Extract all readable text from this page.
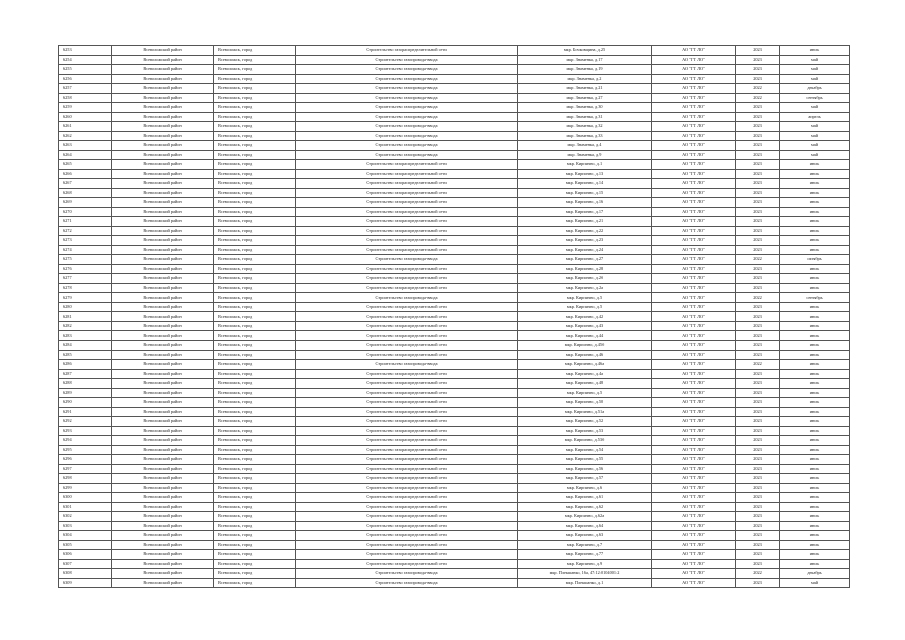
6253	Всеволожский район	Всеволожск, город	Строительство газораспределительной сети	мкр. Бочковщина, д.25	АО "ГТ ЛО"	2023	июль
6254	Всеволожский район	Всеволожск, город	Строительство газопровода-ввода	мкр. Знаменка, д.17	АО "ГТ ЛО"	2023	май
6255	Всеволожский район	Всеволожск, город	Строительство газопровода-ввода	мкр. Знаменка, д.19	АО "ГТ ЛО"	2023	май
6256	Всеволожский район	Всеволожск, город	Строительство газопровода-ввода	мкр. Знаменка, д.2	АО "ГТ ЛО"	2023	май
6257	Всеволожский район	Всеволожск, город	Строительство газопровода-ввода	мкр. Знаменка, д.21	АО "ГТ ЛО"	2022	декабрь
6258	Всеволожский район	Всеволожск, город	Строительство газопровода-ввода	мкр. Знаменка, д.27	АО "ГТ ЛО"	2022	сентябрь
6259	Всеволожский район	Всеволожск, город	Строительство газопровода-ввода	мкр. Знаменка, д.30	АО "ГТ ЛО"	2023	май
6260	Всеволожский район	Всеволожск, город	Строительство газопровода-ввода	мкр. Знаменка, д.31	АО "ГТ ЛО"	2023	апрель
6261	Всеволожский район	Всеволожск, город	Строительство газопровода-ввода	мкр. Знаменка, д.32	АО "ГТ ЛО"	2023	май
6262	Всеволожский район	Всеволожск, город	Строительство газопровода-ввода	мкр. Знаменка, д.33	АО "ГТ ЛО"	2023	май
6263	Всеволожский район	Всеволожск, город	Строительство газопровода-ввода	мкр. Знаменка, д.4	АО "ГТ ЛО"	2023	май
6264	Всеволожский район	Всеволожск, город	Строительство газопровода-ввода	мкр. Знаменка, д.9	АО "ГТ ЛО"	2023	май
6265	Всеволожский район	Всеволожск, город	Строительство газораспределительной сети	мкр. Кирпично, д.1	АО "ГТ ЛО"	2023	июль
6266	Всеволожский район	Всеволожск, город	Строительство газораспределительной сети	мкр. Кирпично, д.13	АО "ГТ ЛО"	2023	июль
6267	Всеволожский район	Всеволожск, город	Строительство газораспределительной сети	мкр. Кирпично, д.14	АО "ГТ ЛО"	2023	июль
6268	Всеволожский район	Всеволожск, город	Строительство газораспределительной сети	мкр. Кирпично, д.15	АО "ГТ ЛО"	2023	июль
6269	Всеволожский район	Всеволожск, город	Строительство газораспределительной сети	мкр. Кирпично, д.16	АО "ГТ ЛО"	2023	июль
6270	Всеволожский район	Всеволожск, город	Строительство газораспределительной сети	мкр. Кирпично, д.17	АО "ГТ ЛО"	2023	июль
6271	Всеволожский район	Всеволожск, город	Строительство газораспределительной сети	мкр. Кирпично, д.21	АО "ГТ ЛО"	2023	июль
6272	Всеволожский район	Всеволожск, город	Строительство газораспределительной сети	мкр. Кирпично, д.22	АО "ГТ ЛО"	2023	июль
6273	Всеволожский район	Всеволожск, город	Строительство газораспределительной сети	мкр. Кирпично, д.23	АО "ГТ ЛО"	2023	июль
6274	Всеволожский район	Всеволожск, город	Строительство газораспределительной сети	мкр. Кирпично, д.24	АО "ГТ ЛО"	2023	июль
6275	Всеволожский район	Всеволожск, город	Строительство газопровода-ввода	мкр. Кирпично, д.27	АО "ГТ ЛО"	2022	октябрь
6276	Всеволожский район	Всеволожск, город	Строительство газораспределительной сети	мкр. Кирпично, д.28	АО "ГТ ЛО"	2023	июль
6277	Всеволожский район	Всеволожск, город	Строительство газораспределительной сети	мкр. Кирпично, д.2б	АО "ГТ ЛО"	2023	июль
6278	Всеволожский район	Всеволожск, город	Строительство газораспределительной сети	мкр. Кирпично, д.2а	АО "ГТ ЛО"	2023	июль
6279	Всеволожский район	Всеволожск, город	Строительство газопровода-ввода	мкр. Кирпично, д.5	АО "ГТ ЛО"	2022	сентябрь
6280	Всеволожский район	Всеволожск, город	Строительство газораспределительной сети	мкр. Кирпично, д.5	АО "ГТ ЛО"	2023	июль
6281	Всеволожский район	Всеволожск, город	Строительство газораспределительной сети	мкр. Кирпично, д.42	АО "ГТ ЛО"	2023	июль
6282	Всеволожский район	Всеволожск, город	Строительство газораспределительной сети	мкр. Кирпично, д.43	АО "ГТ ЛО"	2023	июль
6283	Всеволожский район	Всеволожск, город	Строительство газораспределительной сети	мкр. Кирпично, д.44	АО "ГТ ЛО"	2023	июль
6284	Всеволожский район	Всеволожск, город	Строительство газораспределительной сети	мкр. Кирпично, д.45б	АО "ГТ ЛО"	2023	июль
6285	Всеволожский район	Всеволожск, город	Строительство газораспределительной сети	мкр. Кирпично, д.46	АО "ГТ ЛО"	2023	июль
6286	Всеволожский район	Всеволожск, город	Строительство газопровода-ввода	мкр. Кирпично, д.46а	АО "ГТ ЛО"	2022	июль
6287	Всеволожский район	Всеволожск, город	Строительство газораспределительной сети	мкр. Кирпично, д.4а	АО "ГТ ЛО"	2023	июль
6288	Всеволожский район	Всеволожск, город	Строительство газораспределительной сети	мкр. Кирпично, д.48	АО "ГТ ЛО"	2023	июль
6289	Всеволожский район	Всеволожск, город	Строительство газораспределительной сети	мкр. Кирпично, д.5	АО "ГТ ЛО"	2023	июль
6290	Всеволожский район	Всеволожск, город	Строительство газораспределительной сети	мкр. Кирпично, д.50	АО "ГТ ЛО"	2023	июль
6291	Всеволожский район	Всеволожск, город	Строительство газораспределительной сети	мкр. Кирпично, д.51а	АО "ГТ ЛО"	2023	июль
6292	Всеволожский район	Всеволожск, город	Строительство газораспределительной сети	мкр. Кирпично, д.52	АО "ГТ ЛО"	2023	июль
6293	Всеволожский район	Всеволожск, город	Строительство газораспределительной сети	мкр. Кирпично, д.53	АО "ГТ ЛО"	2023	июль
6294	Всеволожский район	Всеволожск, город	Строительство газораспределительной сети	мкр. Кирпично, д.53б	АО "ГТ ЛО"	2023	июль
6295	Всеволожский район	Всеволожск, город	Строительство газораспределительной сети	мкр. Кирпично, д.54	АО "ГТ ЛО"	2023	июль
6296	Всеволожский район	Всеволожск, город	Строительство газораспределительной сети	мкр. Кирпично, д.55	АО "ГТ ЛО"	2023	июль
6297	Всеволожский район	Всеволожск, город	Строительство газораспределительной сети	мкр. Кирпично, д.56	АО "ГТ ЛО"	2023	июль
6298	Всеволожский район	Всеволожск, город	Строительство газораспределительной сети	мкр. Кирпично, д.57	АО "ГТ ЛО"	2023	июль
6299	Всеволожский район	Всеволожск, город	Строительство газораспределительной сети	мкр. Кирпично, д.6	АО "ГТ ЛО"	2023	июль
6300	Всеволожский район	Всеволожск, город	Строительство газораспределительной сети	мкр. Кирпично, д.61	АО "ГТ ЛО"	2023	июль
6301	Всеволожский район	Всеволожск, город	Строительство газораспределительной сети	мкр. Кирпично, д.62	АО "ГТ ЛО"	2023	июль
6302	Всеволожский район	Всеволожск, город	Строительство газораспределительной сети	мкр. Кирпично, д.62а	АО "ГТ ЛО"	2023	июль
6303	Всеволожский район	Всеволожск, город	Строительство газораспределительной сети	мкр. Кирпично, д.64	АО "ГТ ЛО"	2023	июль
6304	Всеволожский район	Всеволожск, город	Строительство газораспределительной сети	мкр. Кирпично, д.63	АО "ГТ ЛО"	2023	июль
6305	Всеволожский район	Всеволожск, город	Строительство газораспределительной сети	мкр. Кирпично, д.7	АО "ГТ ЛО"	2023	июль
6306	Всеволожский район	Всеволожск, город	Строительство газораспределительной сети	мкр. Кирпично, д.77	АО "ГТ ЛО"	2023	июль
6307	Всеволожский район	Всеволожск, город	Строительство газораспределительной сети	мкр. Кирпично, д.9	АО "ГТ ЛО"	2023	июль
6308	Всеволожский район	Всеволожск, город	Строительство газопровода-ввода	мкр. Плекшанко, 16а, 47:12:0104001:2	АО "ГТ ЛО"	2022	декабрь
6309	Всеволожский район	Всеволожск, город	Строительство газопровода-ввода	мкр. Плекшанко, д.1	АО "ГТ ЛО"	2023	май
